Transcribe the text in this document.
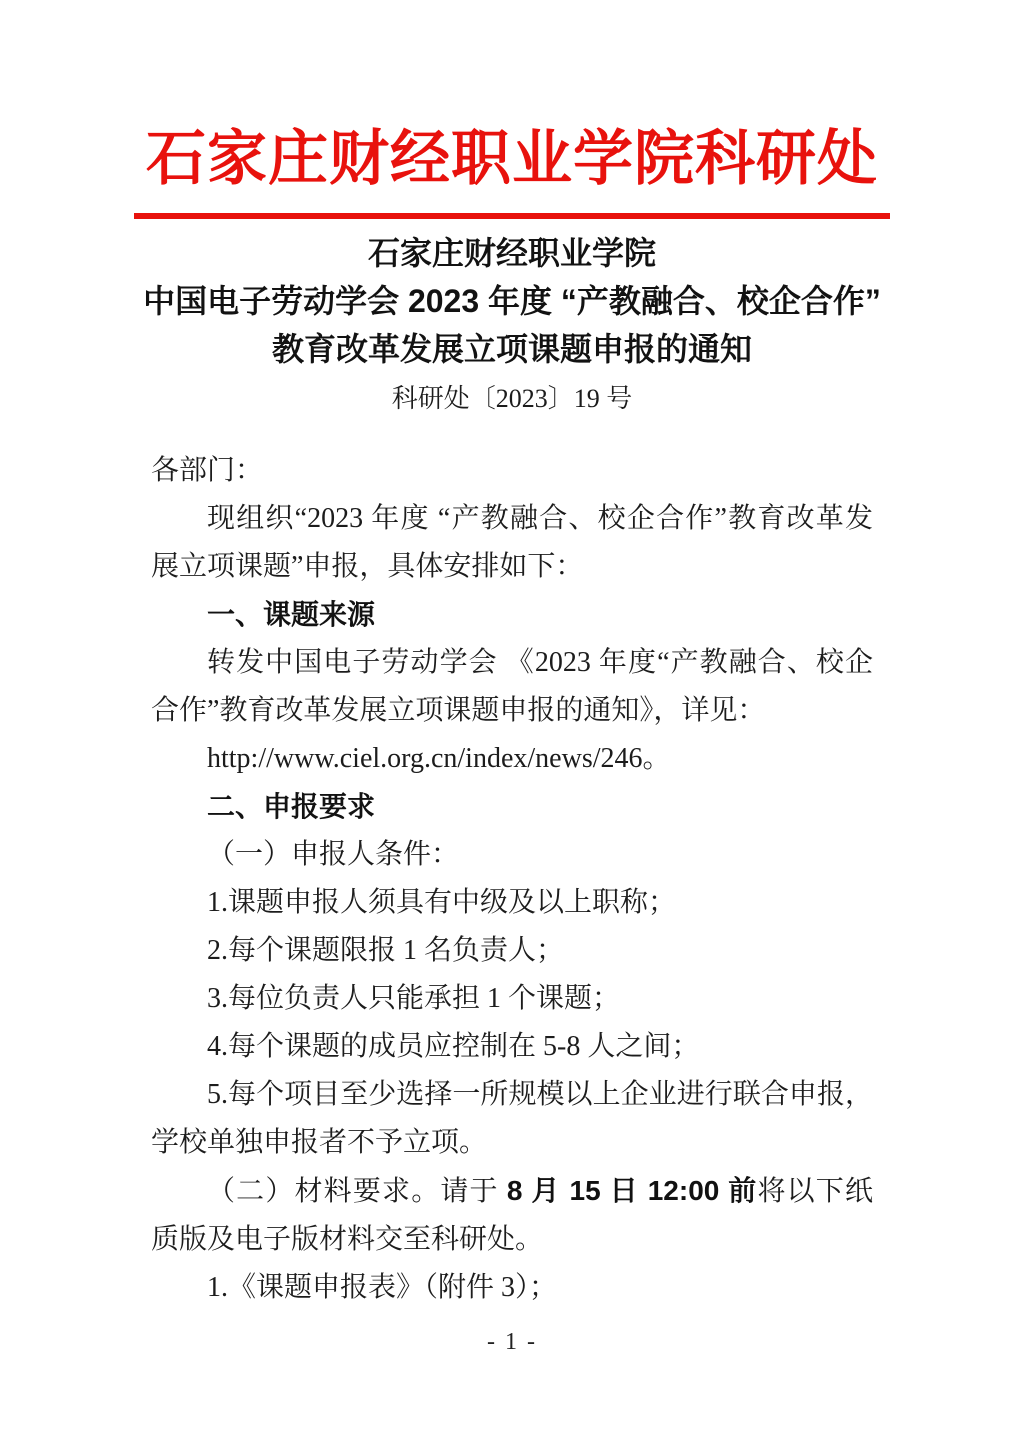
石家庄财经职业学院科研处
石家庄财经职业学院
中国电子劳动学会 2023 年度 “产教融合、校企合作”
教育改革发展立项课题申报的通知
科研处〔2023〕19 号
各部门：

现组织“2023 年度 “产教融合、校企合作”教育改革发展立项课题”申报，具体安排如下：

一、课题来源

转发中国电子劳动学会 《2023 年度“产教融合、校企合作”教育改革发展立项课题申报的通知》，详见：

http://www.ciel.org.cn/index/news/246。

二、申报要求

（一）申报人条件：

1.课题申报人须具有中级及以上职称；

2.每个课题限报 1 名负责人；

3.每位负责人只能承担 1 个课题；

4.每个课题的成员应控制在 5-8 人之间；

5.每个项目至少选择一所规模以上企业进行联合申报，学校单独申报者不予立项。

（二）材料要求。请于 8 月 15 日 12:00 前将以下纸质版及电子版材料交至科研处。

1.《课题申报表》（附件 3）；

- 1 -
